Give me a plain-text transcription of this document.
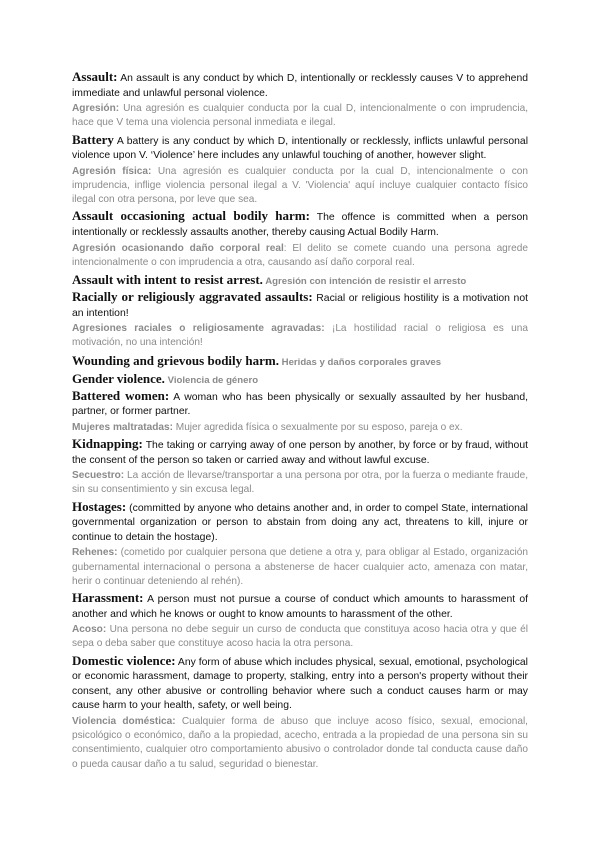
Assault: An assault is any conduct by which D, intentionally or recklessly causes V to apprehend immediate and unlawful personal violence.

Agresión: Una agresión es cualquier conducta por la cual D, intencionalmente o con imprudencia, hace que V tema una violencia personal inmediata e ilegal.

Battery A battery is any conduct by which D, intentionally or recklessly, inflicts unlawful personal violence upon V. ‘Violence’ here includes any unlawful touching of another, however slight.

Agresión física: Una agresión es cualquier conducta por la cual D, intencionalmente o con imprudencia, inflige violencia personal ilegal a V. 'Violencia' aquí incluye cualquier contacto físico ilegal con otra persona, por leve que sea.

Assault occasioning actual bodily harm: The offence is committed when a person intentionally or recklessly assaults another, thereby causing Actual Bodily Harm.

Agresión ocasionando daño corporal real: El delito se comete cuando una persona agrede intencionalmente o con imprudencia a otra, causando así daño corporal real.

Assault with intent to resist arrest. Agresión con intención de resistir el arresto

Racially or religiously aggravated assaults: Racial or religious hostility is a motivation not an intention!

Agresiones raciales o religiosamente agravadas: ¡La hostilidad racial o religiosa es una motivación, no una intención!

Wounding and grievous bodily harm. Heridas y daños corporales graves

Gender violence. Violencia de género

Battered women: A woman who has been physically or sexually assaulted by her husband, partner, or former partner.

Mujeres maltratadas: Mujer agredida física o sexualmente por su esposo, pareja o ex.

Kidnapping: The taking or carrying away of one person by another, by force or by fraud, without the consent of the person so taken or carried away and without lawful excuse.

Secuestro: La acción de llevarse/transportar a una persona por otra, por la fuerza o mediante fraude, sin su consentimiento y sin excusa legal.

Hostages: (committed by anyone who detains another and, in order to compel State, international governmental organization or person to abstain from doing any act, threatens to kill, injure or continue to detain the hostage).

Rehenes: (cometido por cualquier persona que detiene a otra y, para obligar al Estado, organización gubernamental internacional o persona a abstenerse de hacer cualquier acto, amenaza con matar, herir o continuar deteniendo al rehén).

Harassment: A person must not pursue a course of conduct which amounts to harassment of another and which he knows or ought to know amounts to harassment of the other.

Acoso: Una persona no debe seguir un curso de conducta que constituya acoso hacia otra y que él sepa o deba saber que constituye acoso hacia la otra persona.

Domestic violence: Any form of abuse which includes physical, sexual, emotional, psychological or economic harassment, damage to property, stalking, entry into a person's property without their consent, any other abusive or controlling behavior where such a conduct causes harm or may cause harm to your health, safety, or well being.

Violencia doméstica: Cualquier forma de abuso que incluye acoso físico, sexual, emocional, psicológico o económico, daño a la propiedad, acecho, entrada a la propiedad de una persona sin su consentimiento, cualquier otro comportamiento abusivo o controlador donde tal conducta cause daño o pueda causar daño a tu salud, seguridad o bienestar.
